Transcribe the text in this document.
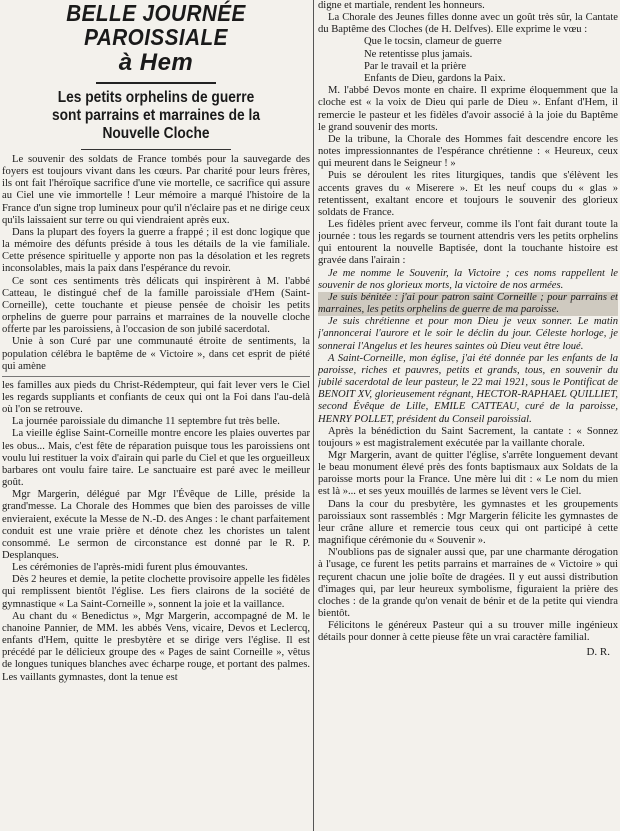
BELLE JOURNÉE PAROISSIALE
à Hem
Les petits orphelins de guerre
sont parrains et marraines de la Nouvelle Cloche

Le souvenir des soldats de France tombés pour la sauvegarde des foyers est toujours vivant dans les cœurs. Par charité pour leurs frères, ils ont fait l'héroïque sacrifice d'une vie mortelle, ce sacrifice qui assure au Ciel une vie immortelle ! Leur mémoire a marqué l'histoire de la France d'un signe trop lumineux pour qu'il n'éclaire pas et ne dirige ceux qu'ils laissaient sur terre ou qui viendraient après eux.

Dans la plupart des foyers la guerre a frappé ; il est donc logique que la mémoire des défunts préside à tous les détails de la vie familiale. Cette présence spirituelle y apporte non pas la désolation et les regrets inconsolables, mais la paix dans l'espérance du revoir.

Ce sont ces sentiments très délicats qui inspirèrent à M. l'abbé Catteau, le distingué chef de la famille paroissiale d'Hem (Saint-Corneille), cette touchante et pieuse pensée de choisir les petits orphelins de guerre pour parrains et marraines de la nouvelle cloche offerte par les paroissiens, à l'occasion de son jubilé sacerdotal.

Unie à son Curé par une communauté étroite de sentiments, la population célébra le baptême de « Victoire », dans cet esprit de piété qui amène

les familles aux pieds du Christ-Rédempteur, qui fait lever vers le Ciel les regards suppliants et confiants de ceux qui ont la Foi dans l'au-delà où l'on se retrouve.

La journée paroissiale du dimanche 11 septembre fut très belle.

La vieille église Saint-Corneille montre encore les plaies ouvertes par les obus... Mais, c'est fête de réparation puisque tous les paroissiens ont voulu lui restituer la voix d'airain qui parle du Ciel et que les orgueilleux barbares ont voulu faire taire. Le sanctuaire est paré avec le meilleur goût.

Mgr Margerin, délégué par Mgr l'Évêque de Lille, préside la grand'messe. La Chorale des Hommes que bien des paroisses de ville envieraient, exécute la Messe de N.-D. des Anges : le chant parfaitement conduit est une vraie prière et dénote chez les choristes un talent consommé. Le sermon de circonstance est donné par le R. P. Desplanques.

Les cérémonies de l'après-midi furent plus émouvantes.

Dès 2 heures et demie, la petite clochette provisoire appelle les fidèles qui remplissent bientôt l'église. Les fiers clairons de la société de gymnastique « La Saint-Corneille », sonnent la joie et la vaillance.

Au chant du « Benedictus », Mgr Margerin, accompagné de M. le chanoine Pannier, de MM. les abbés Vens, vicaire, Devos et Leclercq, enfants d'Hem, quitte le presbytère et se dirige vers l'église. Il est précédé par le délicieux groupe des « Pages de saint Corneille », vêtus de longues tuniques blanches avec écharpe rouge, et portant des palmes. Les vaillants gymnastes, dont la tenue est

digne et martiale, rendent les honneurs.

La Chorale des Jeunes filles donne avec un goût très sûr, la Cantate du Baptême des Cloches (de H. Delfves). Elle exprime le vœu :

Que le tocsin, clameur de guerre
Ne retentisse plus jamais.
Par le travail et la prière
Enfants de Dieu, gardons la Paix.

M. l'abbé Devos monte en chaire. Il exprime éloquemment que la cloche est « la voix de Dieu qui parle de Dieu ». Enfant d'Hem, il remercie le pasteur et les fidèles d'avoir associé à la joie du Baptême le grand souvenir des morts.

De la tribune, la Chorale des Hommes fait descendre encore les notes impressionnantes de l'espérance chrétienne : « Heureux, ceux qui meurent dans le Seigneur ! »

Puis se déroulent les rites liturgiques, tandis que s'élèvent les accents graves du « Miserere ». Et les neuf coups du « glas » retentissent, exaltant encore et toujours le souvenir des glorieux soldats de France.

Les fidèles prient avec ferveur, comme ils l'ont fait durant toute la journée : tous les regards se tournent attendris vers les petits orphelins qui entourent la nouvelle Baptisée, dont la touchante histoire est gravée dans l'airain :

Je me nomme le Souvenir, la Victoire ; ces noms rappellent le souvenir de nos glorieux morts, la victoire de nos armées.

Je suis bénitée : j'ai pour patron saint Corneille ; pour parrains et marraines, les petits orphelins de guerre de ma paroisse.

Je suis chrétienne et pour mon Dieu je veux sonner. Le matin j'annoncerai l'aurore et le soir le déclin du jour. Céleste horloge, je sonnerai l'Angelus et les heures saintes où Dieu veut être loué.

A Saint-Corneille, mon église, j'ai été donnée par les enfants de la paroisse, riches et pauvres, petits et grands, tous, en souvenir du jubilé sacerdotal de leur pasteur, le 22 mai 1921, sous le Pontificat de BENOIT XV, glorieusement régnant, HECTOR-RAPHAEL QUILLIET, second Évêque de Lille, EMILE CATTEAU, curé de la paroisse, HENRY POLLET, président du Conseil paroissial.

Après la bénédiction du Saint Sacrement, la cantate : « Sonnez toujours » est magistralement exécutée par la vaillante chorale.

Mgr Margerin, avant de quitter l'église, s'arrête longuement devant le beau monument élevé près des fonts baptismaux aux Soldats de la paroisse morts pour la France. Une mère lui dit : « Le nom du mien est là »... et ses yeux mouillés de larmes se lèvent vers le Ciel.

Dans la cour du presbytère, les gymnastes et les groupements paroissiaux sont rassemblés : Mgr Margerin félicite les gymnastes de leur crâne allure et remercie tous ceux qui ont participé à cette magnifique cérémonie du « Souvenir ».

N'oublions pas de signaler aussi que, par une charmante dérogation à l'usage, ce furent les petits parrains et marraines de « Victoire » qui reçurent chacun une jolie boîte de dragées. Il y eut aussi distribution d'images qui, par leur heureux symbolisme, figuraient la prière des cloches : de la grande qu'on venait de bénir et de la petite qui viendra bientôt.

Félicitons le généreux Pasteur qui a su trouver mille ingénieux détails pour donner à cette pieuse fête un vrai caractère familial.

D. R.
